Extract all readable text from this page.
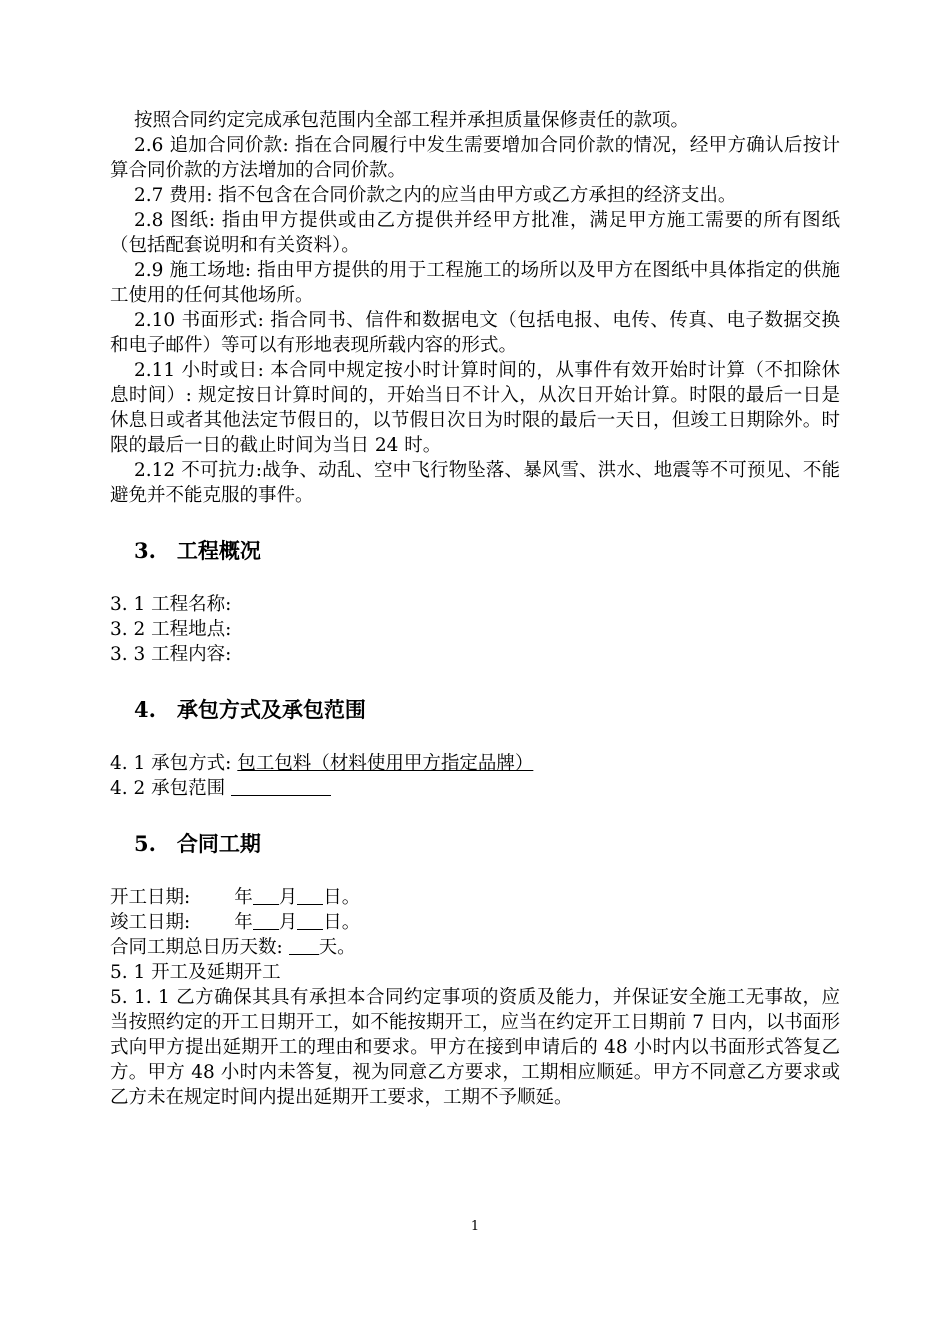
按照合同约定完成承包范围内全部工程并承担质量保修责任的款项。

2.6 追加合同价款: 指在合同履行中发生需要增加合同价款的情况，经甲方确认后按计算合同价款的方法增加的合同价款。

2.7 费用: 指不包含在合同价款之内的应当由甲方或乙方承担的经济支出。

2.8 图纸: 指由甲方提供或由乙方提供并经甲方批准，满足甲方施工需要的所有图纸（包括配套说明和有关资料）。

2.9 施工场地: 指由甲方提供的用于工程施工的场所以及甲方在图纸中具体指定的供施工使用的任何其他场所。

2.10 书面形式: 指合同书、信件和数据电文（包括电报、电传、传真、电子数据交换和电子邮件）等可以有形地表现所载内容的形式。

2.11 小时或日: 本合同中规定按小时计算时间的，从事件有效开始时计算（不扣除休息时间）: 规定按日计算时间的，开始当日不计入，从次日开始计算。时限的最后一日是休息日或者其他法定节假日的，以节假日次日为时限的最后一天日，但竣工日期除外。时限的最后一日的截止时间为当日 24 时。

2.12 不可抗力:战争、动乱、空中飞行物坠落、暴风雪、洪水、地震等不可预见、不能避免并不能克服的事件。

3.　工程概况

3. 1 工程名称:

3. 2 工程地点:

3. 3 工程内容:

4.　承包方式及承包范围

4. 1 承包方式: 包工包料（材料使用甲方指定品牌）

4. 2 承包范围

5.　合同工期

开工日期: 年 月 日。

竣工日期: 年 月 日。

合同工期总日历天数: 天。

5. 1 开工及延期开工

5. 1. 1 乙方确保其具有承担本合同约定事项的资质及能力，并保证安全施工无事故，应当按照约定的开工日期开工，如不能按期开工，应当在约定开工日期前 7 日内，以书面形式向甲方提出延期开工的理由和要求。甲方在接到申请后的 48 小时内以书面形式答复乙方。甲方 48 小时内未答复，视为同意乙方要求，工期相应顺延。甲方不同意乙方要求或乙方未在规定时间内提出延期开工要求，工期不予顺延。

1
